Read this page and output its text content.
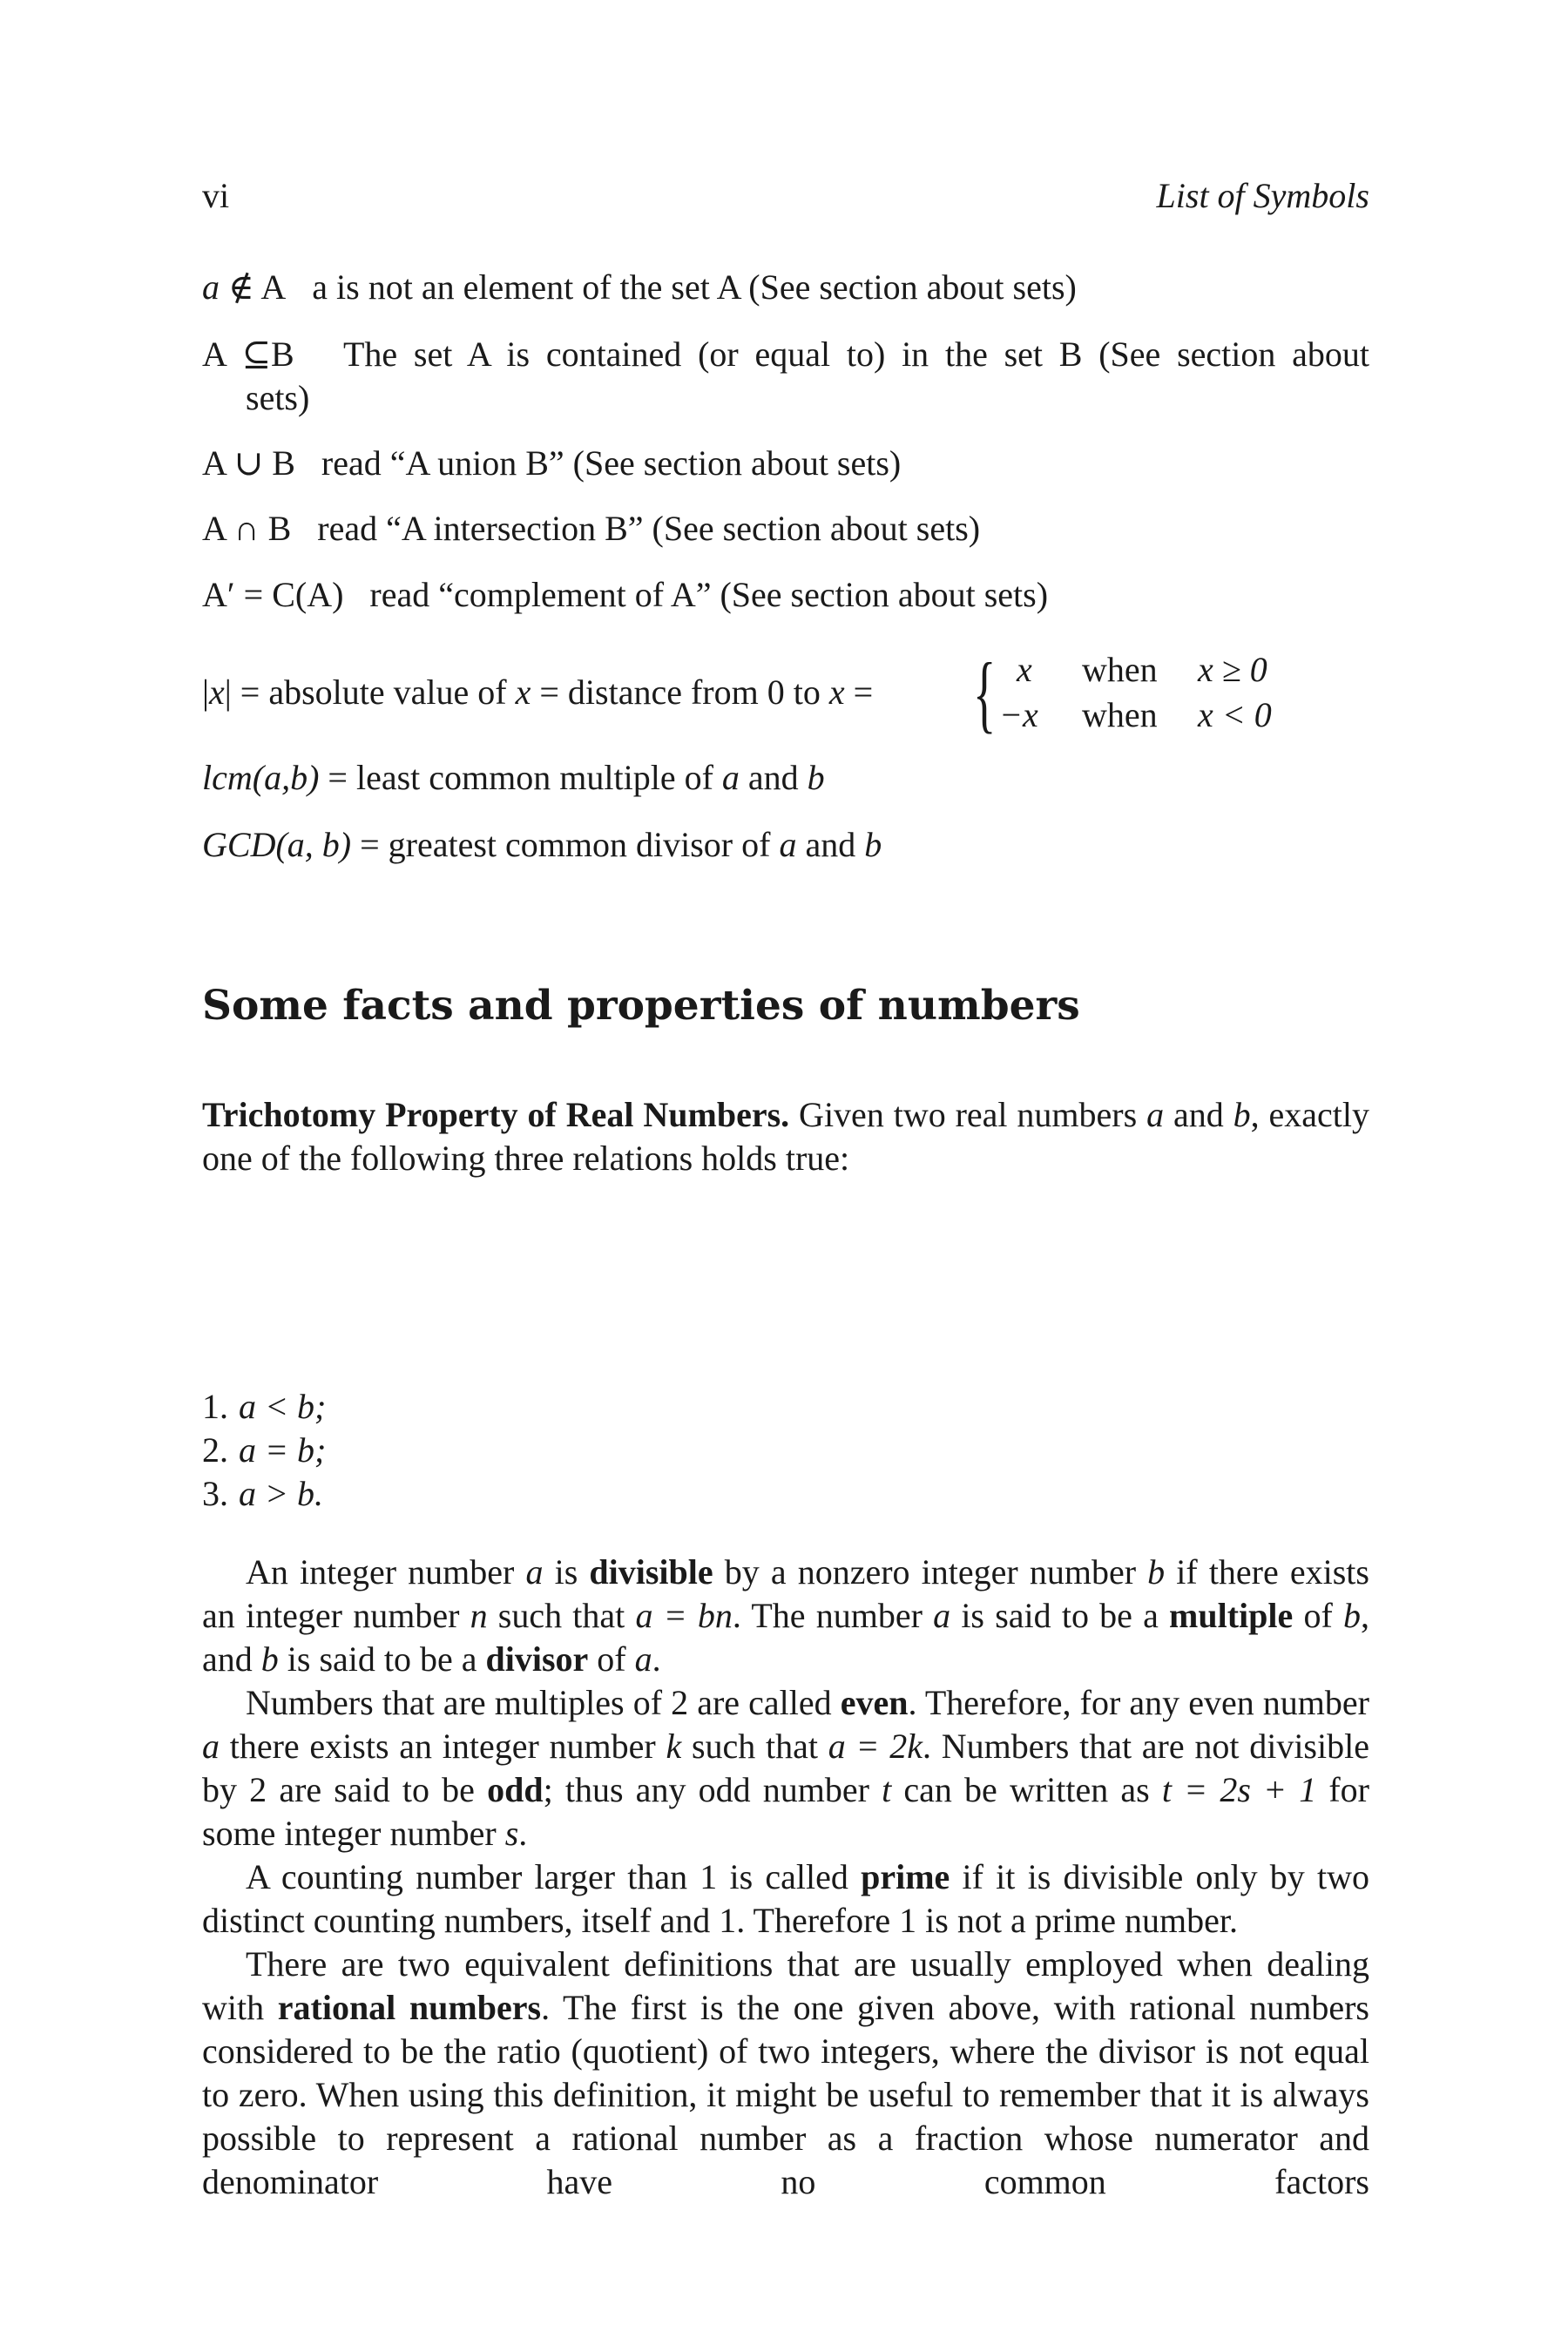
vi	List of Symbols
a ∉ A a is not an element of the set A (See section about sets)
A ⊆B The set A is contained (or equal to) in the set B (See section about
sets)
A ∪ B read “A union B” (See section about sets)
A ∩ B read “A intersection B” (See section about sets)
A′ = C(A) read “complement of A” (See section about sets)
|x| = absolute value of x = distance from 0 to x = { x when x ≥ 0
−x when x < 0
lcm(a,b) = least common multiple of a and b
GCD(a, b) = greatest common divisor of a and b
Some facts and properties of numbers

Trichotomy Property of Real Numbers. Given two real numbers a and b, exactly one of the following three relations holds true:

1. a < b;
2. a = b;
3. a > b.

An integer number a is divisible by a nonzero integer number b if there exists an integer number n such that a = bn. The number a is said to be a multiple of b, and b is said to be a divisor of a.

Numbers that are multiples of 2 are called even. Therefore, for any even number a there exists an integer number k such that a = 2k. Numbers that are not divisible by 2 are said to be odd; thus any odd number t can be written as t = 2s + 1 for some integer number s.

A counting number larger than 1 is called prime if it is divisible only by two distinct counting numbers, itself and 1. Therefore 1 is not a prime number.

There are two equivalent definitions that are usually employed when dealing with rational numbers. The first is the one given above, with rational numbers considered to be the ratio (quotient) of two integers, where the divisor is not equal to zero. When using this definition, it might be useful to remember that it is always possible to represent a rational number as a fraction whose numerator and denominator have no common factors
